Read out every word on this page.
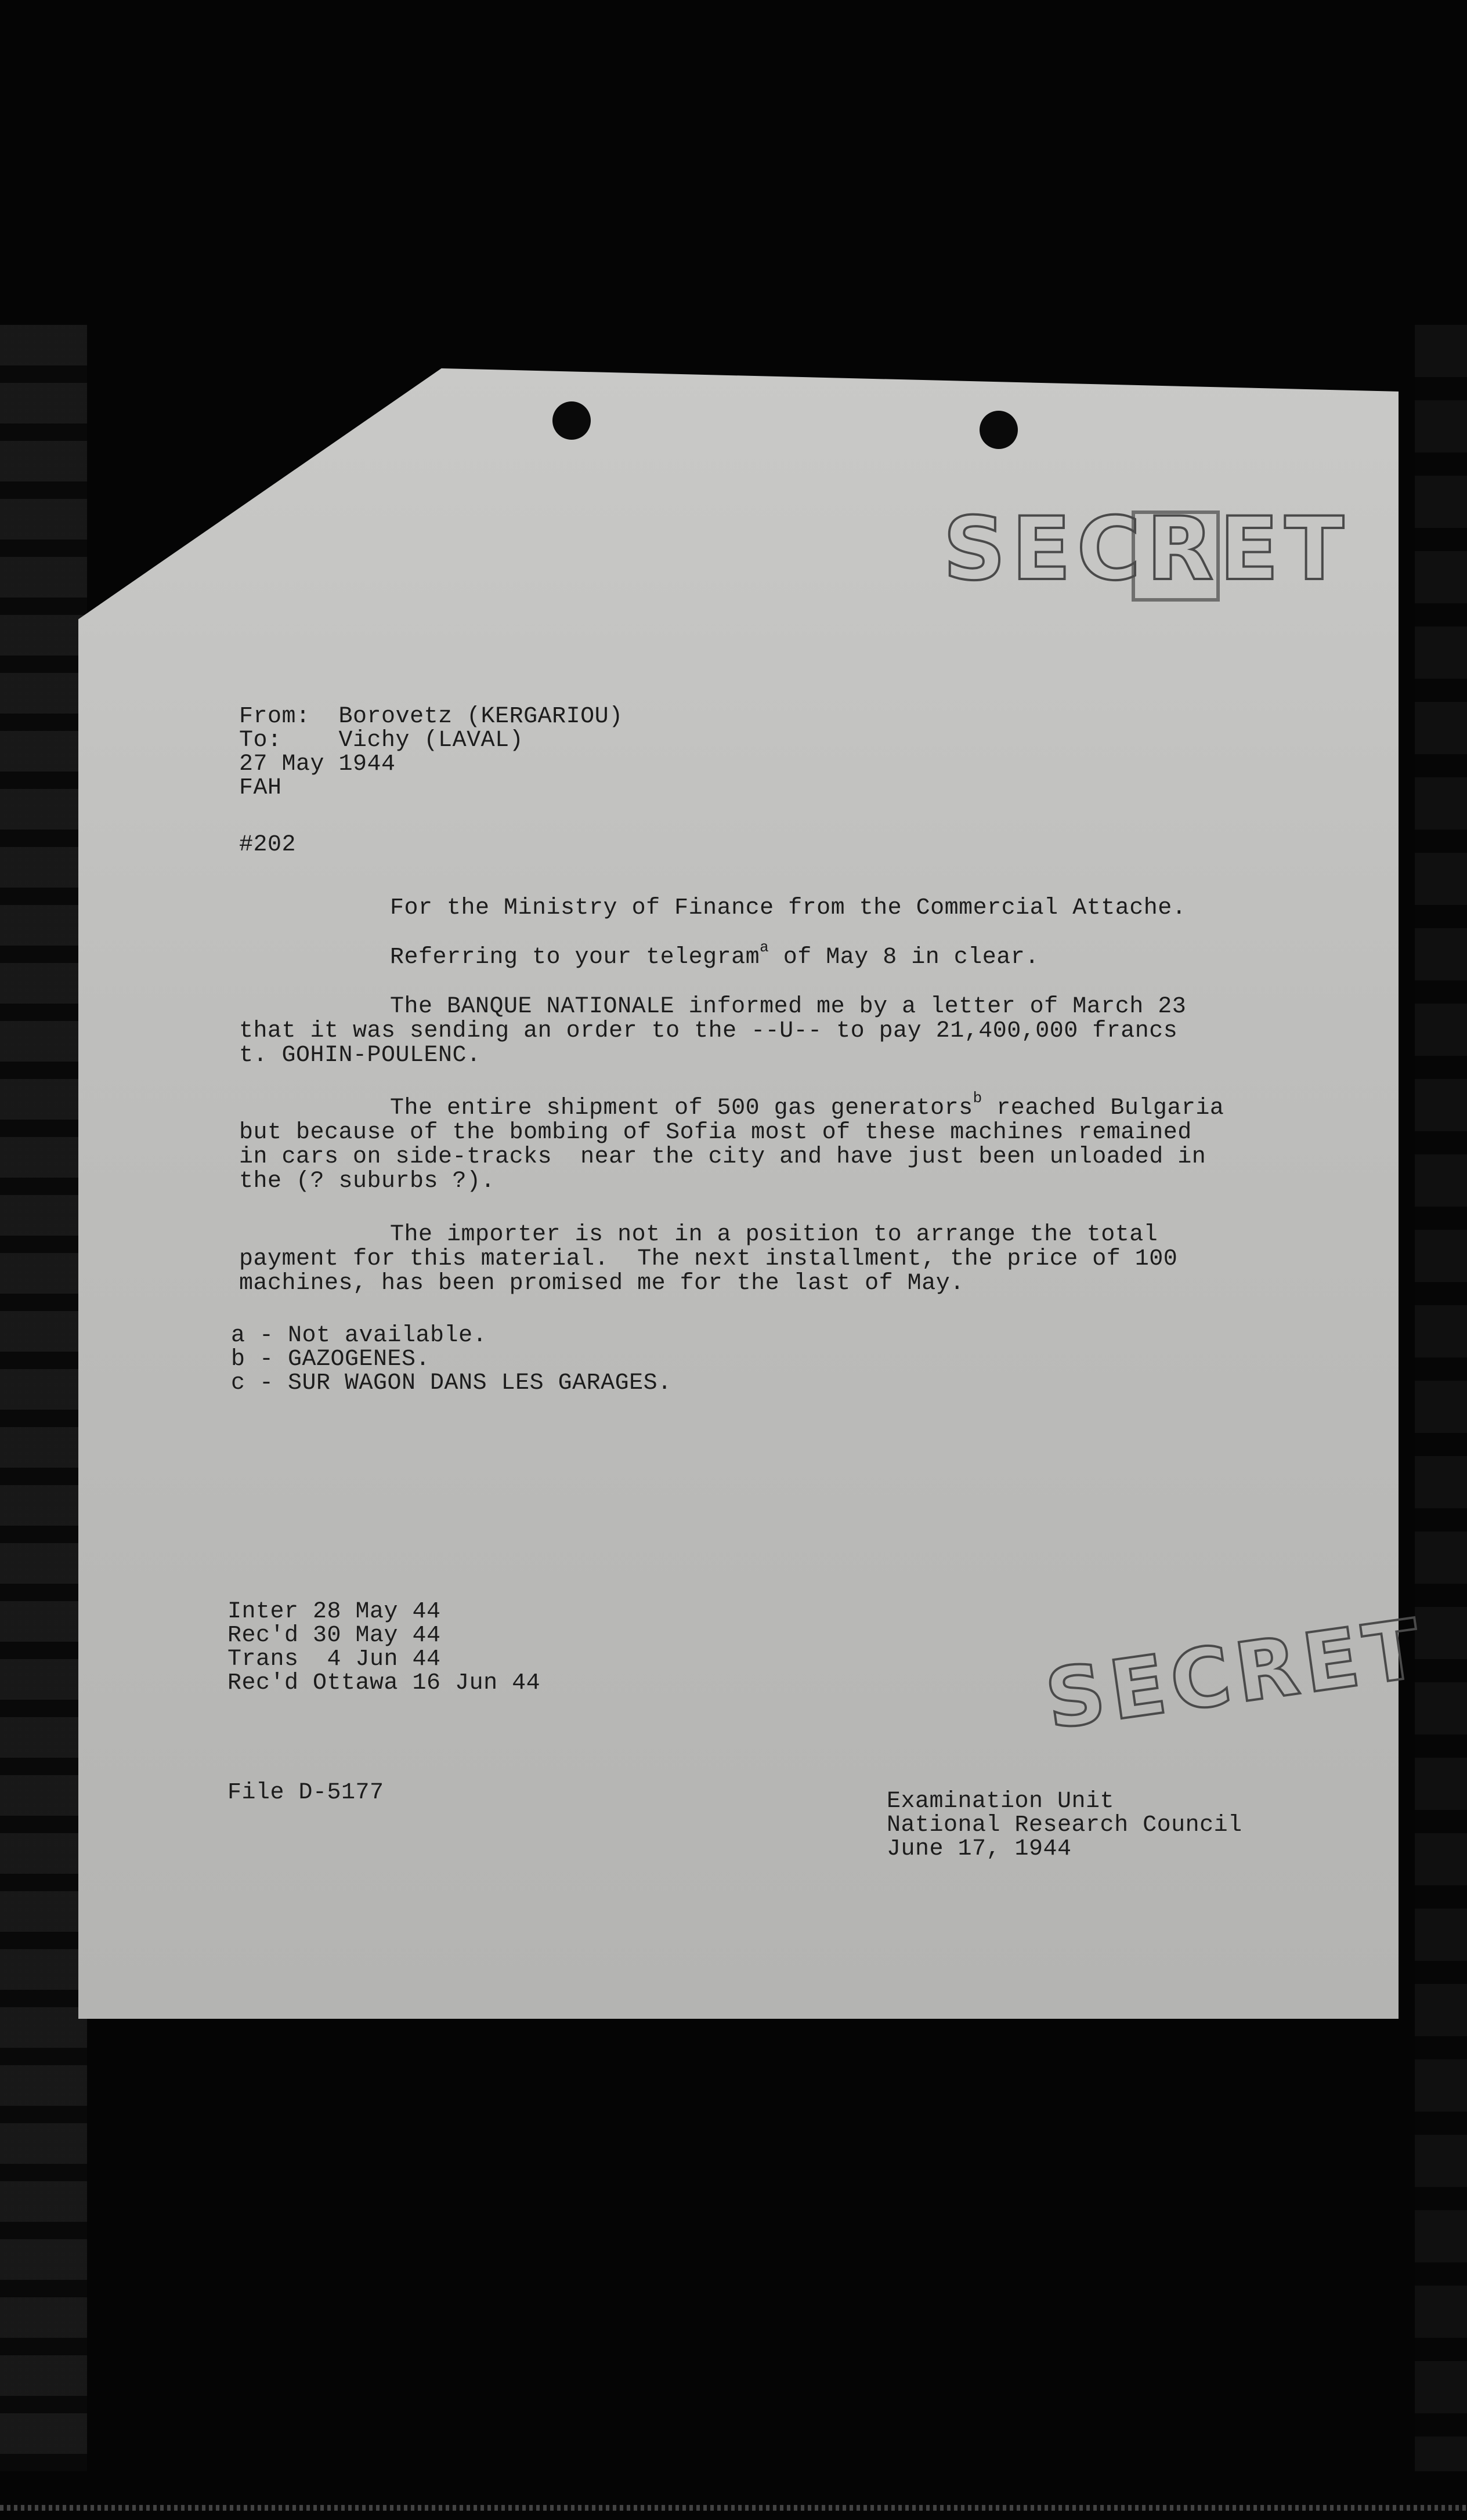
SECRET
From: Borovetz (KERGARIOU)
To: Vichy (LAVAL)
27 May 1944
FAH
#202
For the Ministry of Finance from the Commercial Attache.
Referring to your telegram$^a$ of May 8 in clear.
The BANQUE NATIONALE informed me by a letter of March 23
that it was sending an order to the --U-- to pay 21,400,000 francs
t. GOHIN-POULENC.
The entire shipment of 500 gas generators$^b$ reached Bulgaria
but because of the bombing of Sofia most of these machines remained
in cars on side-tracks  near the city and have just been unloaded in
the (? suburbs ?).
The importer is not in a position to arrange the total
payment for this material.  The next installment, the price of 100
machines, has been promised me for the last of May.
a - Not available.
b - GAZOGENES.
c - SUR WAGON DANS LES GARAGES.
Inter 28 May 44
Rec'd 30 May 44
Trans  4 Jun 44
Rec'd Ottawa 16 Jun 44	SECRET
File D-5177	Examination Unit
National Research Council
June 17, 1944
